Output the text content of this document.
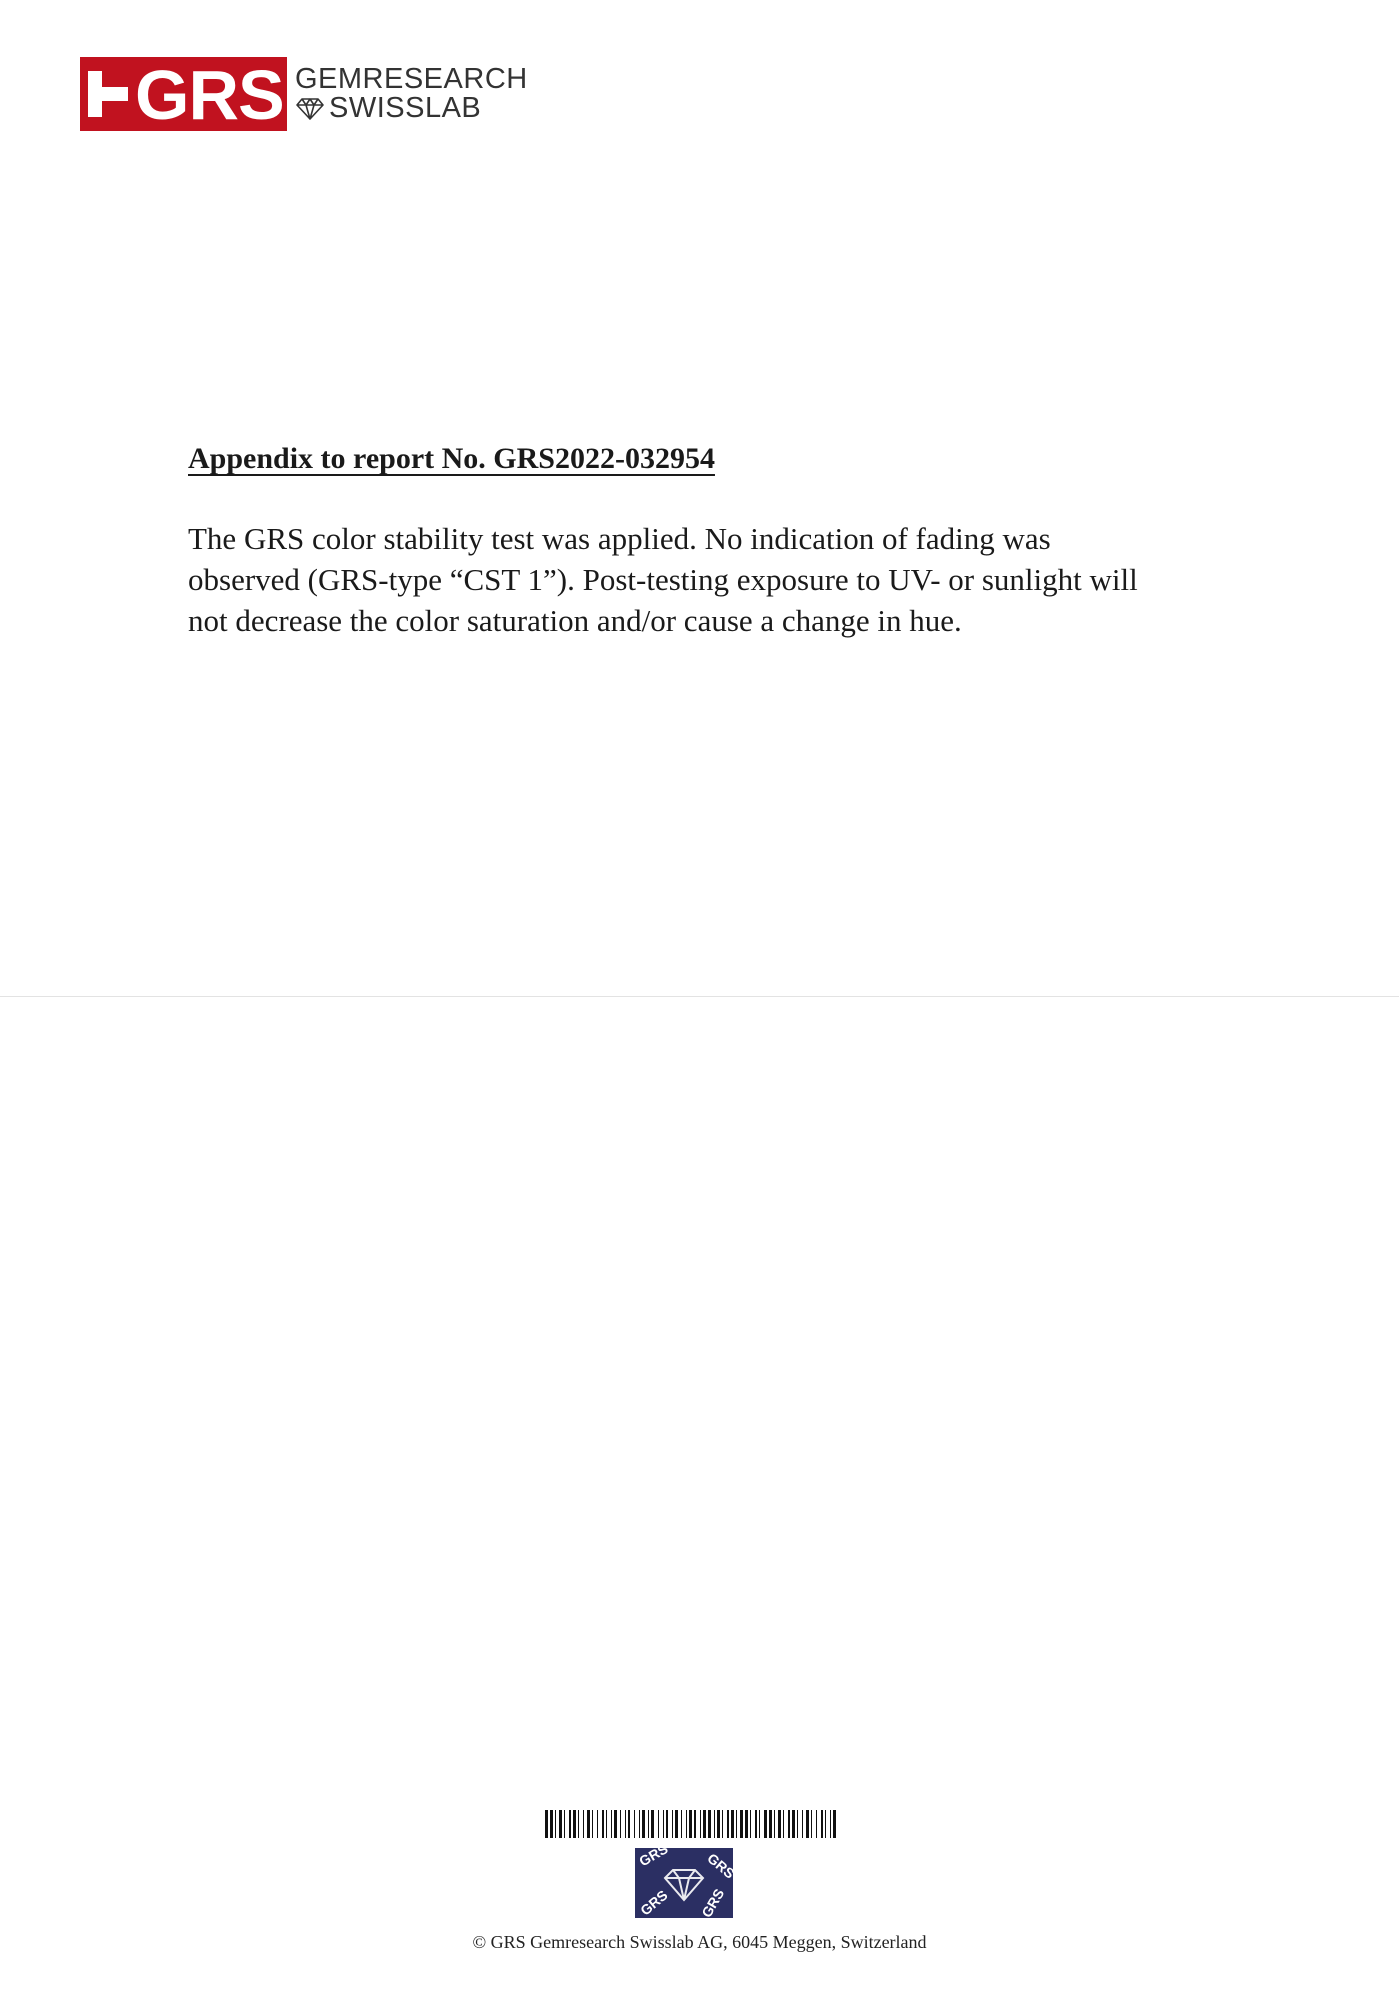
GRS GEMRESEARCH
SWISSLAB
Appendix to report No. GRS2022-032954

The GRS color stability test was applied. No indication of fading was
observed (GRS-type “CST 1”). Post-testing exposure to UV- or sunlight will
not decrease the color saturation and/or cause a change in hue.

GRS GRS
GRS GRS
© GRS Gemresearch Swisslab AG, 6045 Meggen, Switzerland
